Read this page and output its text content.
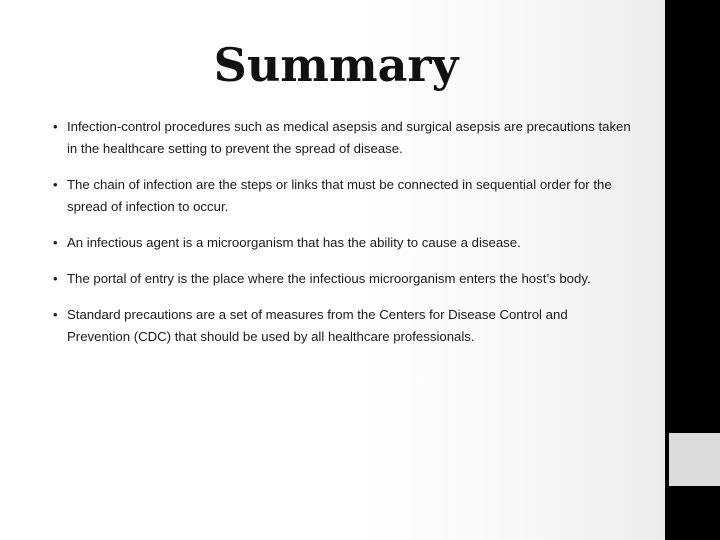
Summary
• Infection-control procedures such as medical asepsis and surgical asepsis are precautions taken in the healthcare setting to prevent the spread of disease.
• The chain of infection are the steps or links that must be connected in sequential order for the spread of infection to occur.
• An infectious agent is a microorganism that has the ability to cause a disease.
• The portal of entry is the place where the infectious microorganism enters the host’s body.
• Standard precautions are a set of measures from the Centers for Disease Control and Prevention (CDC) that should be used by all healthcare professionals.
